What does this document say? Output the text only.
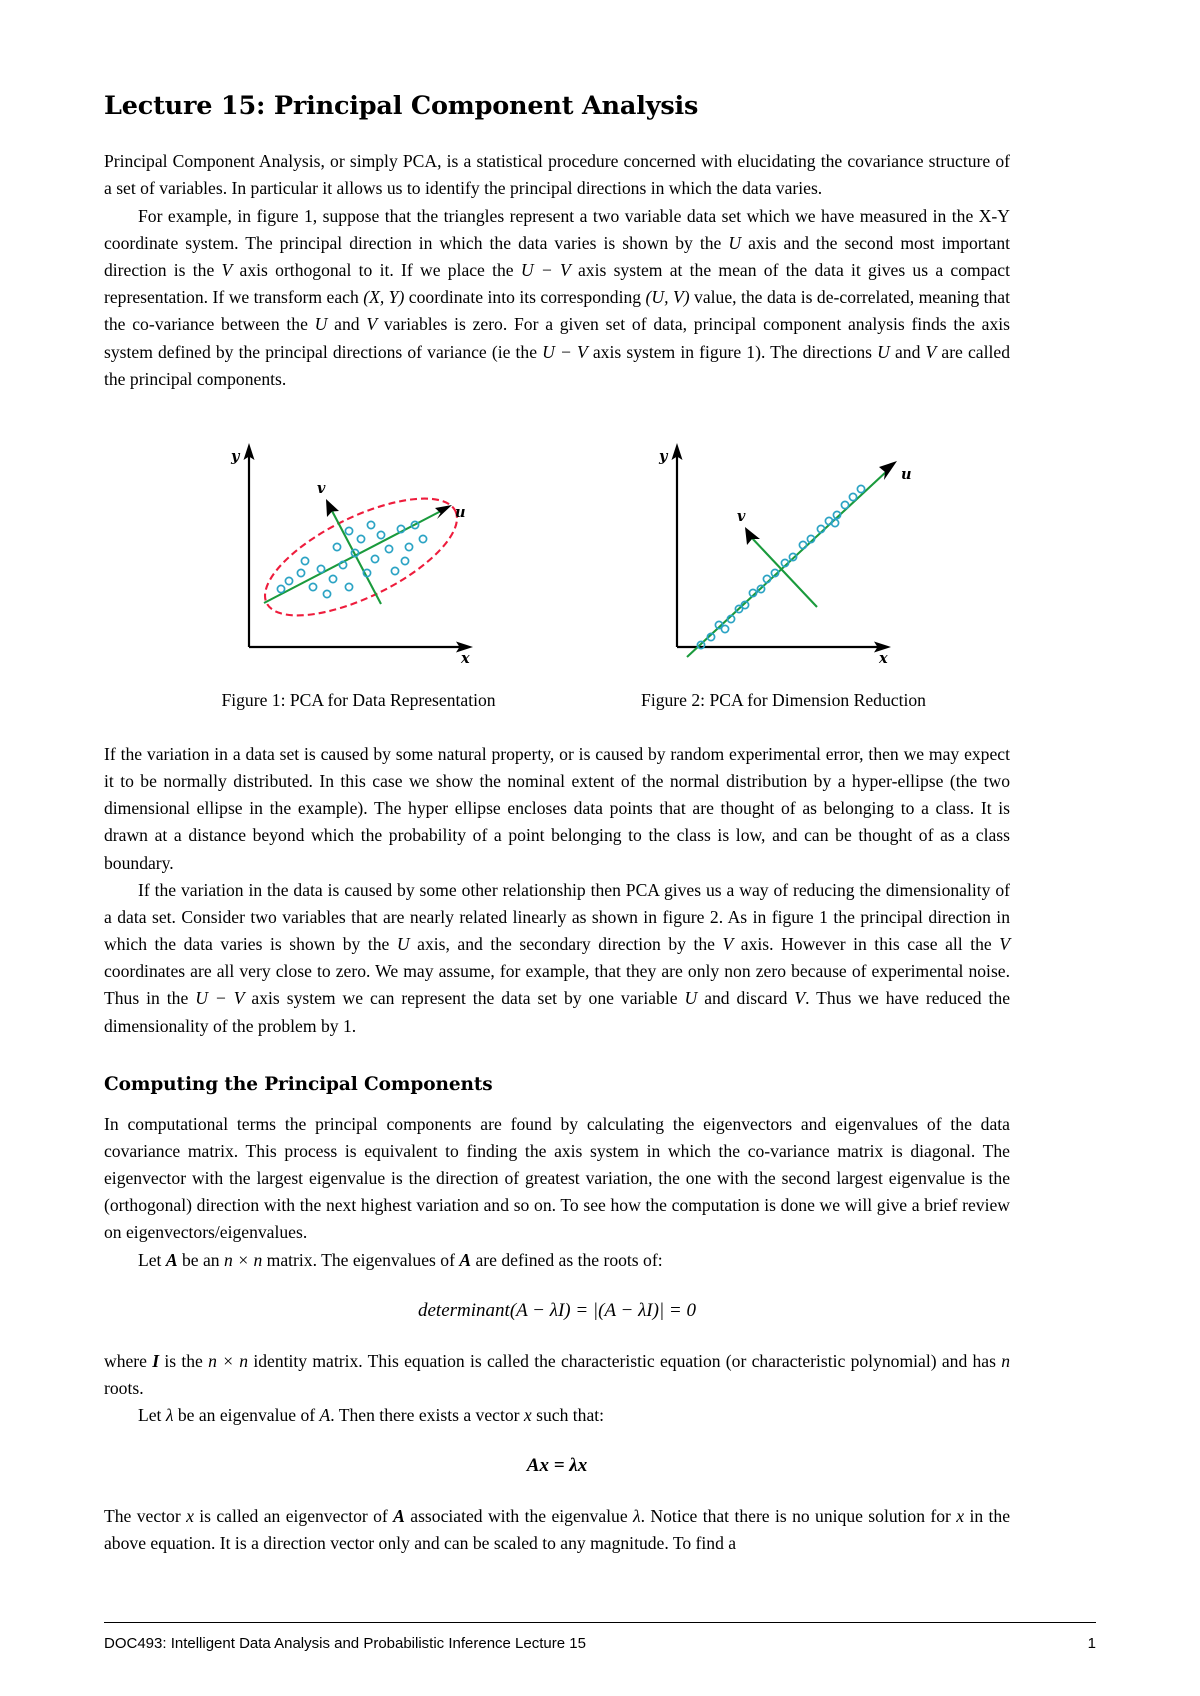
Lecture 15: Principal Component Analysis

Principal Component Analysis, or simply PCA, is a statistical procedure concerned with elucidating the covariance structure of a set of variables. In particular it allows us to identify the principal directions in which the data varies.

For example, in figure 1, suppose that the triangles represent a two variable data set which we have measured in the X-Y coordinate system. The principal direction in which the data varies is shown by the U axis and the second most important direction is the V axis orthogonal to it. If we place the U − V axis system at the mean of the data it gives us a compact representation. If we transform each (X, Y) coordinate into its corresponding (U, V) value, the data is de-correlated, meaning that the co-variance between the U and V variables is zero. For a given set of data, principal component analysis finds the axis system defined by the principal directions of variance (ie the U − V axis system in figure 1). The directions U and V are called the principal components.

y
x
u
v
Figure 1: PCA for Data Representation
y
x
u
v
Figure 2: PCA for Dimension Reduction

If the variation in a data set is caused by some natural property, or is caused by random experimental error, then we may expect it to be normally distributed. In this case we show the nominal extent of the normal distribution by a hyper-ellipse (the two dimensional ellipse in the example). The hyper ellipse encloses data points that are thought of as belonging to a class. It is drawn at a distance beyond which the probability of a point belonging to the class is low, and can be thought of as a class boundary.

If the variation in the data is caused by some other relationship then PCA gives us a way of reducing the dimensionality of a data set. Consider two variables that are nearly related linearly as shown in figure 2. As in figure 1 the principal direction in which the data varies is shown by the U axis, and the secondary direction by the V axis. However in this case all the V coordinates are all very close to zero. We may assume, for example, that they are only non zero because of experimental noise. Thus in the U − V axis system we can represent the data set by one variable U and discard V. Thus we have reduced the dimensionality of the problem by 1.

Computing the Principal Components

In computational terms the principal components are found by calculating the eigenvectors and eigenvalues of the data covariance matrix. This process is equivalent to finding the axis system in which the co-variance matrix is diagonal. The eigenvector with the largest eigenvalue is the direction of greatest variation, the one with the second largest eigenvalue is the (orthogonal) direction with the next highest variation and so on. To see how the computation is done we will give a brief review on eigenvectors/eigenvalues.

Let A be an n × n matrix. The eigenvalues of A are defined as the roots of:

determinant(A − λI) = |(A − λI)| = 0

where I is the n × n identity matrix. This equation is called the characteristic equation (or characteristic polynomial) and has n roots.

Let λ be an eigenvalue of A. Then there exists a vector x such that:

Ax = λx

The vector x is called an eigenvector of A associated with the eigenvalue λ. Notice that there is no unique solution for x in the above equation. It is a direction vector only and can be scaled to any magnitude. To find a

DOC493: Intelligent Data Analysis and Probabilistic Inference Lecture 15	1
